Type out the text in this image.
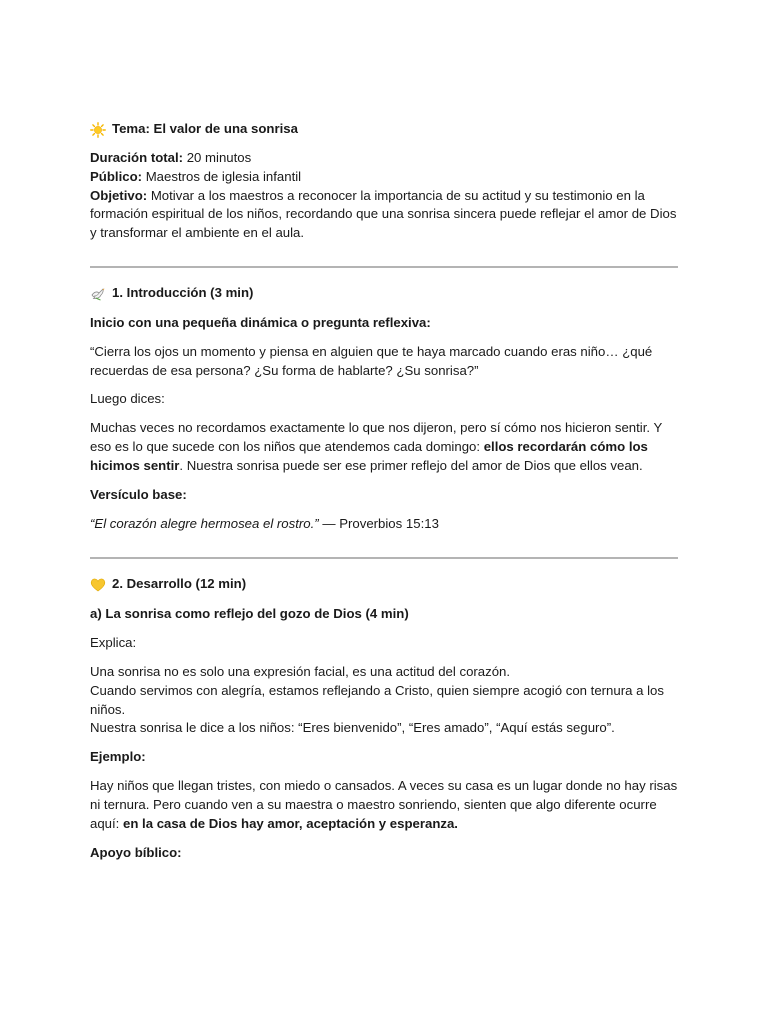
Tema: El valor de una sonrisa

Duración total: 20 minutos

Público: Maestros de iglesia infantil

Objetivo: Motivar a los maestros a reconocer la importancia de su actitud y su testimonio en la formación espiritual de los niños, recordando que una sonrisa sincera puede reflejar el amor de Dios y transformar el ambiente en el aula.

1. Introducción (3 min)

Inicio con una pequeña dinámica o pregunta reflexiva:

“Cierra los ojos un momento y piensa en alguien que te haya marcado cuando eras niño… ¿qué recuerdas de esa persona? ¿Su forma de hablarte? ¿Su sonrisa?”

Luego dices:

Muchas veces no recordamos exactamente lo que nos dijeron, pero sí cómo nos hicieron sentir. Y eso es lo que sucede con los niños que atendemos cada domingo: ellos recordarán cómo los hicimos sentir. Nuestra sonrisa puede ser ese primer reflejo del amor de Dios que ellos vean.

Versículo base:

“El corazón alegre hermosea el rostro.” — Proverbios 15:13

2. Desarrollo (12 min)

a) La sonrisa como reflejo del gozo de Dios (4 min)

Explica:

Una sonrisa no es solo una expresión facial, es una actitud del corazón.

Cuando servimos con alegría, estamos reflejando a Cristo, quien siempre acogió con ternura a los niños.

Nuestra sonrisa le dice a los niños: “Eres bienvenido”, “Eres amado”, “Aquí estás seguro”.

Ejemplo:

Hay niños que llegan tristes, con miedo o cansados. A veces su casa es un lugar donde no hay risas ni ternura. Pero cuando ven a su maestra o maestro sonriendo, sienten que algo diferente ocurre aquí: en la casa de Dios hay amor, aceptación y esperanza.

Apoyo bíblico:
